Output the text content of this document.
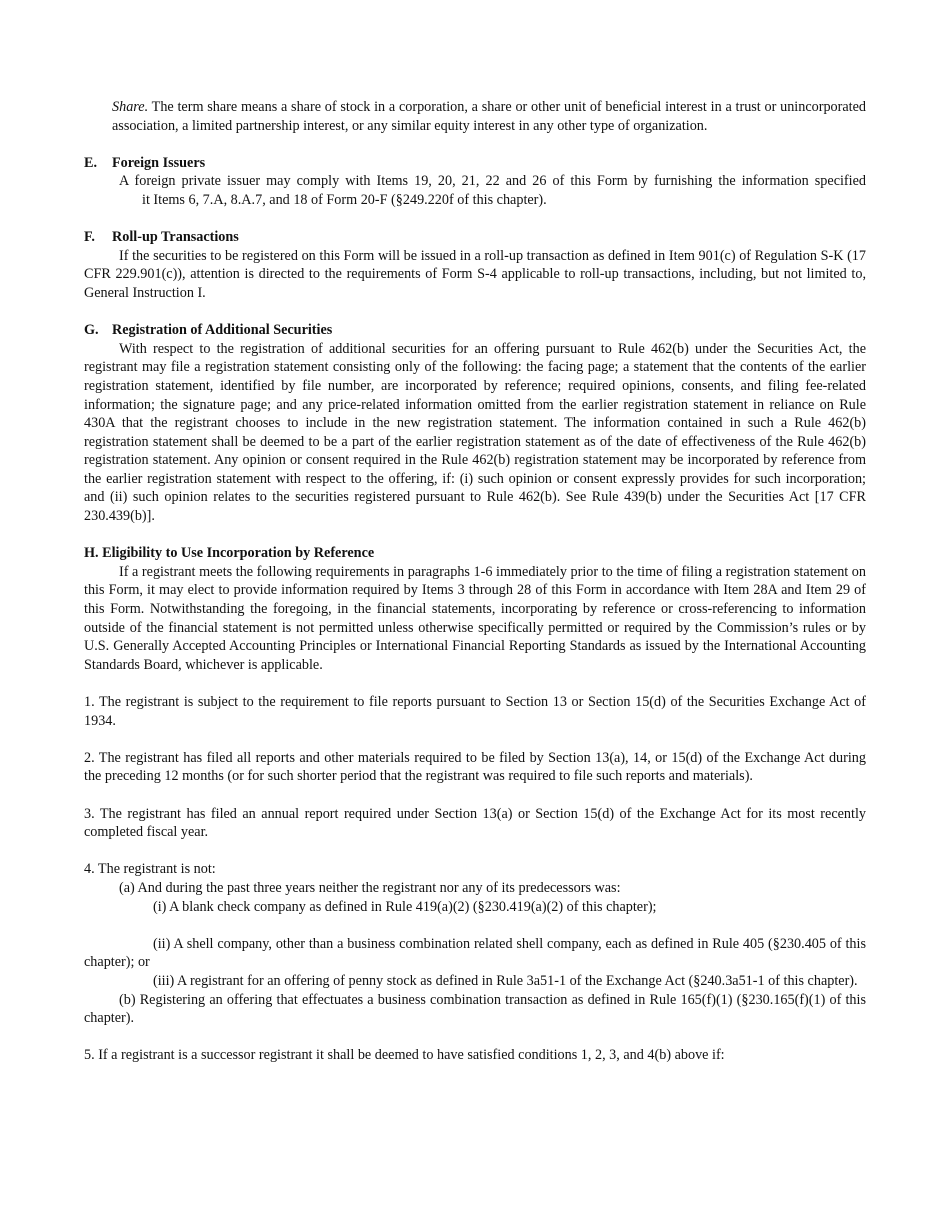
Share. The term share means a share of stock in a corporation, a share or other unit of beneficial interest in a trust or unincorporated association, a limited partnership interest, or any similar equity interest in any other type of organization.

E. Foreign Issuers

A foreign private issuer may comply with Items 19, 20, 21, 22 and 26 of this Form by furnishing the information specifiedit Items 6, 7.A, 8.A.7, and 18 of Form 20-F (§249.220f of this chapter).

F. Roll-up Transactions

If the securities to be registered on this Form will be issued in a roll-up transaction as defined in Item 901(c) of Regulation S-K (17 CFR 229.901(c)), attention is directed to the requirements of Form S-4 applicable to roll-up transactions, including, but not limited to, General Instruction I.

G. Registration of Additional Securities

With respect to the registration of additional securities for an offering pursuant to Rule 462(b) under the Securities Act, the registrant may file a registration statement consisting only of the following: the facing page; a statement that the contents of the earlier registration statement, identified by file number, are incorporated by reference; required opinions, consents, and filing fee-related information; the signature page; and any price-related information omitted from the earlier registration statement in reliance on Rule 430A that the registrant chooses to include in the new registration statement. The information contained in such a Rule 462(b) registration statement shall be deemed to be a part of the earlier registration statement as of the date of effectiveness of the Rule 462(b) registration statement. Any opinion or consent required in the Rule 462(b) registration statement may be incorporated by reference from the earlier registration statement with respect to the offering, if: (i) such opinion or consent expressly provides for such incorporation; and (ii) such opinion relates to the securities registered pursuant to Rule 462(b). See Rule 439(b) under the Securities Act [17 CFR 230.439(b)].

H. Eligibility to Use Incorporation by Reference

If a registrant meets the following requirements in paragraphs 1-6 immediately prior to the time of filing a registration statement on this Form, it may elect to provide information required by Items 3 through 28 of this Form in accordance with Item 28A and Item 29 of this Form. Notwithstanding the foregoing, in the financial statements, incorporating by reference or cross-referencing to information outside of the financial statement is not permitted unless otherwise specifically permitted or required by the Commission’s rules or by U.S. Generally Accepted Accounting Principles or International Financial Reporting Standards as issued by the International Accounting Standards Board, whichever is applicable.

1. The registrant is subject to the requirement to file reports pursuant to Section 13 or Section 15(d) of the Securities Exchange Act of 1934.

2. The registrant has filed all reports and other materials required to be filed by Section 13(a), 14, or 15(d) of the Exchange Act during the preceding 12 months (or for such shorter period that the registrant was required to file such reports and materials).

3. The registrant has filed an annual report required under Section 13(a) or Section 15(d) of the Exchange Act for its most recently completed fiscal year.

4. The registrant is not:

(a) And during the past three years neither the registrant nor any of its predecessors was:

(i) A blank check company as defined in Rule 419(a)(2) (§230.419(a)(2) of this chapter);

(ii) A shell company, other than a business combination related shell company, each as defined in Rule 405 (§230.405 of this chapter); or

(iii) A registrant for an offering of penny stock as defined in Rule 3a51-1 of the Exchange Act (§240.3a51-1 of this chapter).

(b) Registering an offering that effectuates a business combination transaction as defined in Rule 165(f)(1) (§230.165(f)(1) of this chapter).

5. If a registrant is a successor registrant it shall be deemed to have satisfied conditions 1, 2, 3, and 4(b) above if:
